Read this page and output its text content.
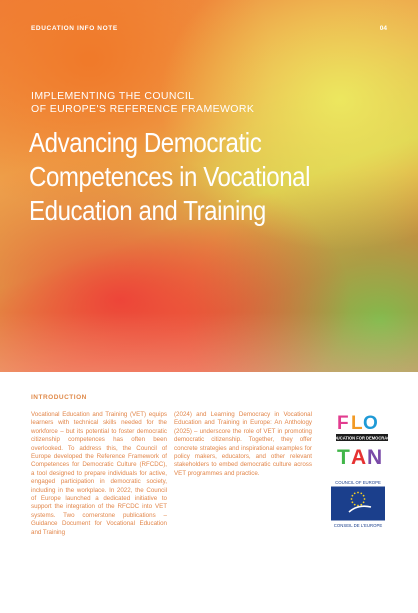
EDUCATION INFO NOTE	04
IMPLEMENTING THE COUNCIL
OF EUROPE'S REFERENCE FRAMEWORK
Advancing Democratic
Competences in Vocational
Education and Training
INTRODUCTION

Vocational Education and Training (VET) equips learners with technical skills needed for the workforce – but its potential to foster democratic citizenship competences has often been overlooked. To address this, the Council of Europe developed the Reference Framework of Competences for Democratic Culture (RFCDC), a tool designed to prepare individuals for active, engaged participation in democratic society, including in the workplace. In 2022, the Council of Europe launched a dedicated initiative to support the integration of the RFCDC into VET systems. Two cornerstone publications – Guidance Document for Vocational Education and Training

(2024) and Learning Democracy in Vocational Education and Training in Europe: An Anthology (2025) – underscore the role of VET in promoting democratic citizenship. Together, they offer concrete strategies and inspirational examples for policy makers, educators, and other relevant stakeholders to embed democratic culture across VET programmes and practice.

F L O
EDUCATION FOR DEMOCRACY
T A N
COUNCIL OF EUROPE
CONSEIL DE L'EUROPE
